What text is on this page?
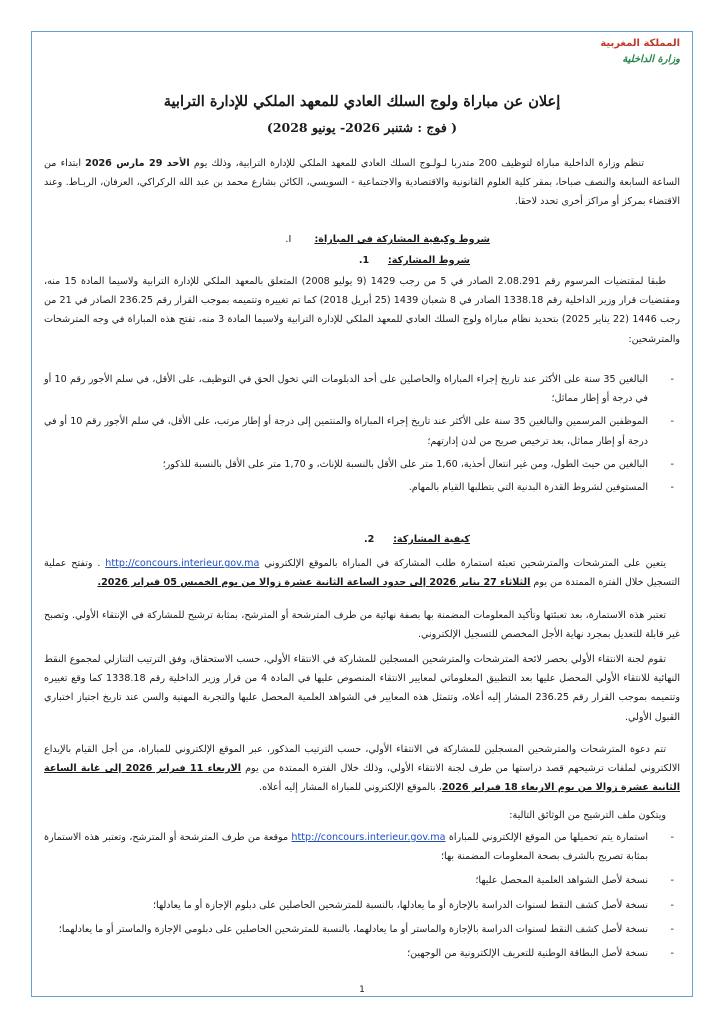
المملكة المغربية
وزارة الداخلية
إعلان عن مباراة ولوج السلك العادي للمعهد الملكي للإدارة الترابية
( فوج : شتنبر 2026- يونيو 2028)
تنظم وزارة الداخلية مباراة لتوظيف 200 متدربا لـولـوج السلك العادي للمعهد الملكي للإدارة الترابية، وذلك يوم الأحد 29 مارس 2026 ابتداء من الساعة السابعة والنصف صباحا، بمقر كلية العلوم القانونية والاقتصادية والاجتماعية - السويسي، الكائن بشارع محمد بن عبد الله الركراكي، العرفان، الربـاط. وعند الاقتضاء بمركز أو مراكز أخرى تحدد لاحقا.
شروط وكيفية المشاركة في المباراة: I.
شروط المشاركة: 1.
طبقا لمقتضيات المرسوم رقم 2.08.291 الصادر في 5 من رجب 1429 (9 يوليو 2008) المتعلق بالمعهد الملكي للإدارة الترابية ولاسيما المادة 15 منه، ومقتضيات قرار وزير الداخلية رقم 1338.18 الصادر في 8 شعبان 1439 (25 أبريل 2018) كما تم تغييره وتتميمه بموجب القرار رقم 236.25 الصادر في 21 من رجب 1446 (22 يناير 2025) بتحديد نظام مباراة ولوج السلك العادي للمعهد الملكي للإدارة الترابية ولاسيما المادة 3 منه، تفتح هذه المباراة في وجه المترشحات والمترشحين:
-
البالغين 35 سنة على الأكثر عند تاريخ إجراء المباراة والحاصلين على أحد الدبلومات التي تخول الحق في التوظيف، على الأقل، في سلم الأجور رقم 10 أو في درجة أو إطار مماثل؛
-
الموظفين المرسمين والبالغين 35 سنة على الأكثر عند تاريخ إجراء المباراة والمنتمين إلى درجة أو إطار مرتب، على الأقل، في سلم الأجور رقم 10 أو في درجة أو إطار مماثل، بعد ترخيص صريح من لدن إدارتهم؛
-
البالغين من حيث الطول، ومن غير انتعال أحذية، 1,60 متر على الأقل بالنسبة للإناث، و 1,70 متر على الأقل بالنسبة للذكور؛
-
المستوفين لشروط القدرة البدنية التي يتطلبها القيام بالمهام.
كيفية المشاركة: 2.
يتعين على المترشحات والمترشحين تعبئة استمارة طلب المشاركة في المباراة بالموقع الإلكتروني http://concours.interieur.gov.ma . وتفتح عملية التسجيل خلال الفترة الممتدة من يوم الثلاثاء 27 يناير 2026 إلى حدود الساعة الثانية عشرة زوالا من يوم الخميس 05 فبراير 2026.
تعتبر هذه الاستمارة، بعد تعبئتها وتأكيد المعلومات المضمنة بها بصفة نهائية من طرف المترشحة أو المترشح، بمثابة ترشيح للمشاركة في الإنتقاء الأولي. وتصبح غير قابلة للتعديل بمجرد نهاية الأجل المخصص للتسجيل الإلكتروني.
تقوم لجنة الانتقاء الأولي بحصر لائحة المترشحات والمترشحين المسجلين للمشاركة في الانتقاء الأولي، حسب الاستحقاق، وفق الترتيب التنازلي لمجموع النقط النهائية للانتقاء الأولي المحصل عليها بعد التطبيق المعلوماتي لمعايير الانتقاء المنصوص عليها في المادة 4 من قرار وزير الداخلية رقم 1338.18 كما وقع تغييره وتتميمه بموجب القرار رقم 236.25 المشار إليه أعلاه، وتتمثل هذه المعايير في الشواهد العلمية المحصل عليها والتجربة المهنية والسن عند تاريخ اجتياز اختباري القبول الأولي.
تتم دعوة المترشحات والمترشحين المسجلين للمشاركة في الانتقاء الأولي، حسب الترتيب المذكور، عبر الموقع الإلكتروني للمباراة، من أجل القيام بالإيداع الالكتروني لملفات ترشيحهم قصد دراستها من طرف لجنة الانتقاء الأولي، وذلك خلال الفترة الممتدة من يوم الاربعاء 11 فبراير 2026 إلى غاية الساعة الثانية عشرة زوالا من يوم الاربعاء 18 فبراير 2026، بالموقع الإلكتروني للمباراة المشار إليه أعلاه.
ويتكون ملف الترشيح من الوثائق التالية:
-
استمارة يتم تحميلها من الموقع الإلكتروني للمباراة http://concours.interieur.gov.ma موقعة من طرف المترشحة أو المترشح، وتعتبر هذه الاستمارة بمثابة تصريح بالشرف بصحة المعلومات المضمنة بها؛
-
نسخة لأصل الشواهد العلمية المحصل عليها؛
-
نسخة لأصل كشف النقط لسنوات الدراسة بالإجازة أو ما يعادلها، بالنسبة للمترشحين الحاصلين على دبلوم الإجازة أو ما يعادلها؛
-
نسخة لأصل كشف النقط لسنوات الدراسة بالإجازة والماستر أو ما يعادلهما، بالنسبة للمترشحين الحاصلين على دبلومي الإجازة والماستر أو ما يعادلهما؛
-
نسخة لأصل البطاقة الوطنية للتعريف الإلكترونية من الوجهين؛
1
